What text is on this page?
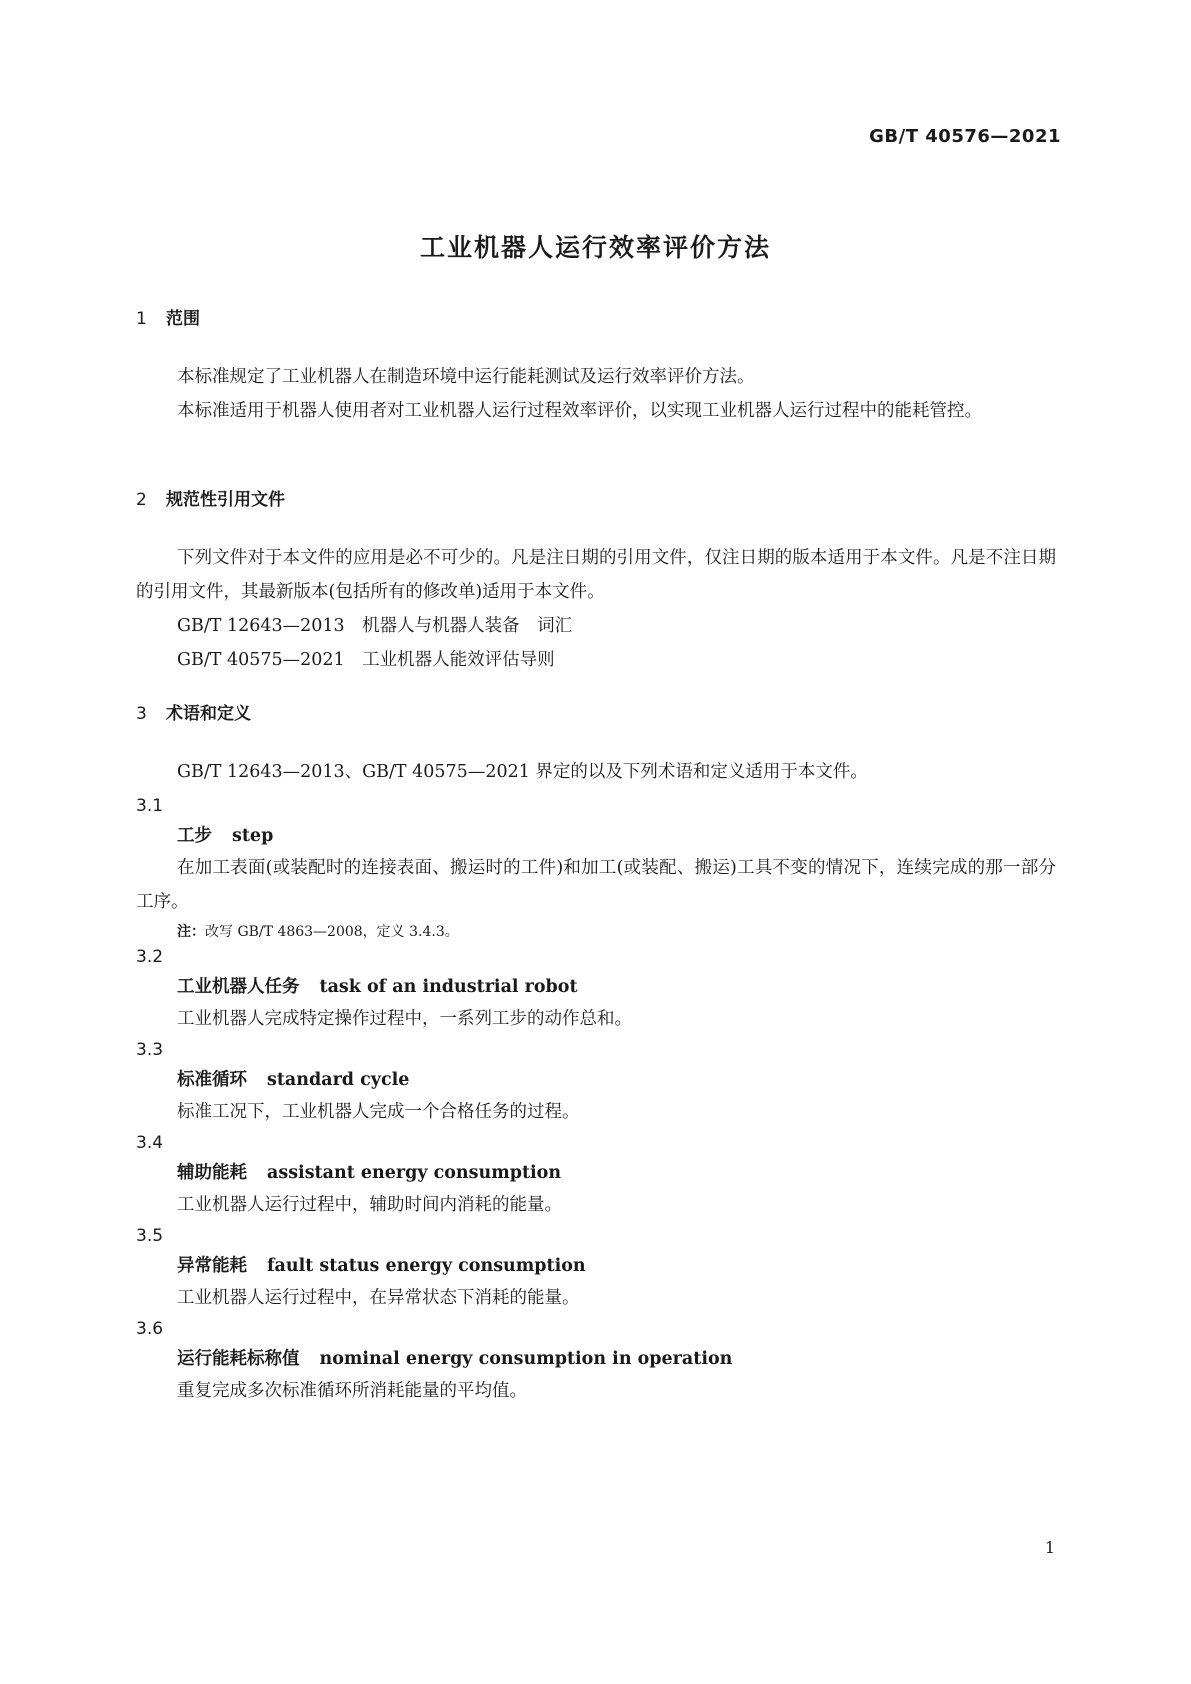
GB/T 40576—2021
工业机器人运行效率评价方法
1 范围
本标准规定了工业机器人在制造环境中运行能耗测试及运行效率评价方法。
本标准适用于机器人使用者对工业机器人运行过程效率评价，以实现工业机器人运行过程中的能耗管控。
2 规范性引用文件
下列文件对于本文件的应用是必不可少的。凡是注日期的引用文件，仅注日期的版本适用于本文件。凡是不注日期的引用文件，其最新版本(包括所有的修改单)适用于本文件。
GB/T 12643—2013　机器人与机器人装备　词汇
GB/T 40575—2021　工业机器人能效评估导则
3 术语和定义
GB/T 12643—2013、GB/T 40575—2021 界定的以及下列术语和定义适用于本文件。
3.1
工步 step
在加工表面(或装配时的连接表面、搬运时的工件)和加工(或装配、搬运)工具不变的情况下，连续完成的那一部分工序。
注：改写 GB/T 4863—2008，定义 3.4.3。
3.2
工业机器人任务 task of an industrial robot
工业机器人完成特定操作过程中，一系列工步的动作总和。
3.3
标准循环 standard cycle
标准工况下，工业机器人完成一个合格任务的过程。
3.4
辅助能耗 assistant energy consumption
工业机器人运行过程中，辅助时间内消耗的能量。
3.5
异常能耗 fault status energy consumption
工业机器人运行过程中，在异常状态下消耗的能量。
3.6
运行能耗标称值 nominal energy consumption in operation
重复完成多次标准循环所消耗能量的平均值。
1
